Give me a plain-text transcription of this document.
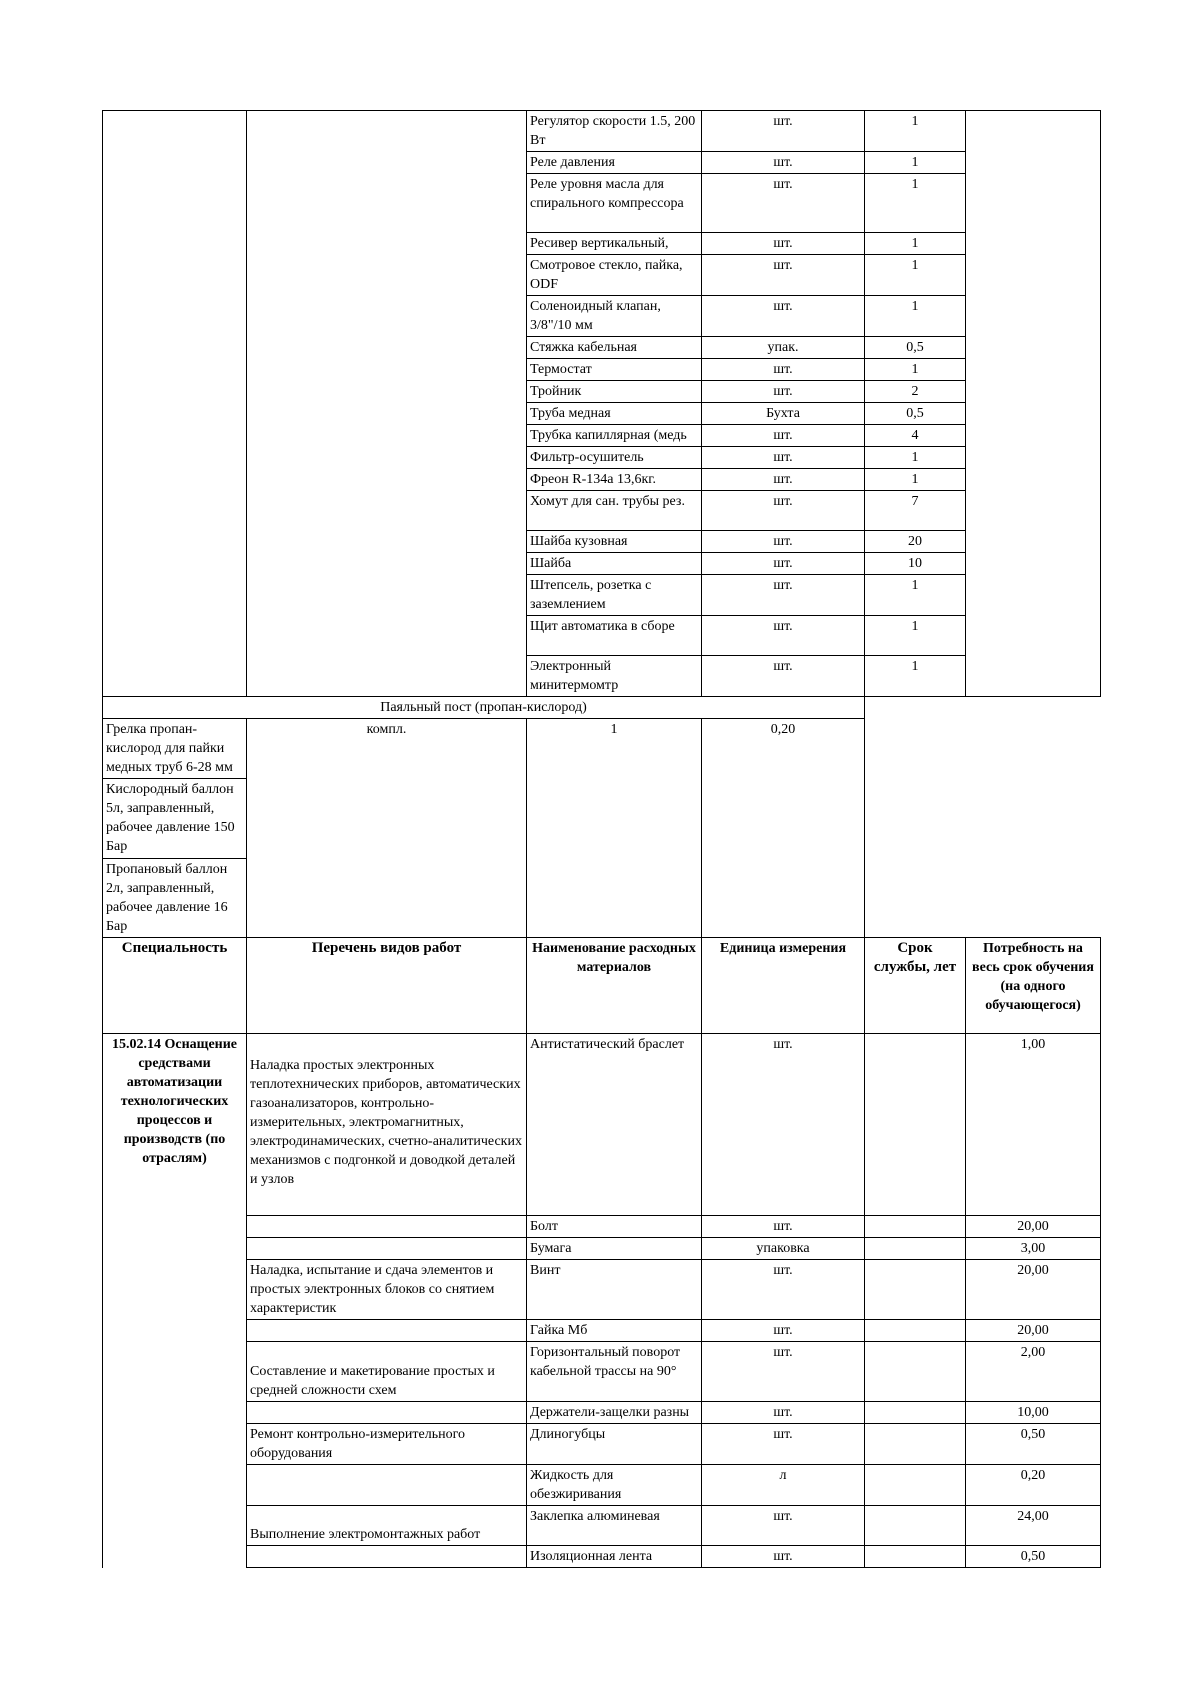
		Регулятор скорости 1.5, 200 Вт	шт.	1	
		Реле давления	шт.	1	
		Реле уровня масла для спирального компрессора	шт.	1	
		Ресивер вертикальный,	шт.	1	
		Смотровое стекло, пайка, ODF	шт.	1	
		Соленоидный клапан, 3/8"/10 мм	шт.	1	
		Стяжка кабельная	упак.	0,5	
		Термостат	шт.	1	
		Тройник	шт.	2	
		Труба медная	Бухта	0,5	
		Трубка капиллярная (медь	шт.	4	
		Фильтр-осушитель	шт.	1	
		Фреон R-134a 13,6кг.	шт.	1	
		Хомут для сан. трубы рез.	шт.	7	
		Шайба кузовная	шт.	20	
		Шайба	шт.	10	
		Штепсель, розетка с заземлением	шт.	1	
		Щит автоматика в сборе	шт.	1	
		Электронный минитермомтр	шт.	1	
Паяльный пост (пропан-кислород)					
Грелка пропан-кислород для пайки медных труб 6-28 мм	компл.	1	0,20		
Кислородный баллон 5л, заправленный, рабочее давление 150 Бар					
Пропановый баллон 2л, заправленный, рабочее давление 16 Бар					
Специальность	Перечень видов работ	Наименование расходных материалов	Единица измерения	Срок службы, лет	Потребность на весь срок обучения (на одного обучающегося)
15.02.14 Оснащение средствами автоматизации технологических процессов и производств (по отраслям)	Наладка простых электронных теплотехнических приборов, автоматических газоанализаторов, контрольно-измерительных, электромагнитных, электродинамических, счетно-аналитических механизмов с подгонкой и доводкой деталей и узлов	Антистатический браслет	шт.		1,00
		Болт	шт.		20,00
		Бумага	упаковка		3,00
	Наладка, испытание и сдача элементов и простых электронных блоков со снятием характеристик	Винт	шт.		20,00
		Гайка Мб	шт.		20,00
	Составление и макетирование простых и средней сложности схем	Горизонтальный поворот кабельной трассы на 90°	шт.		2,00
		Держатели-защелки разны	шт.		10,00
	Ремонт контрольно-измерительного оборудования	Длиногубцы	шт.		0,50
		Жидкость для обезжиривания	л		0,20
	Выполнение электромонтажных работ	Заклепка алюминевая	шт.		24,00
		Изоляционная лента	шт.		0,50
